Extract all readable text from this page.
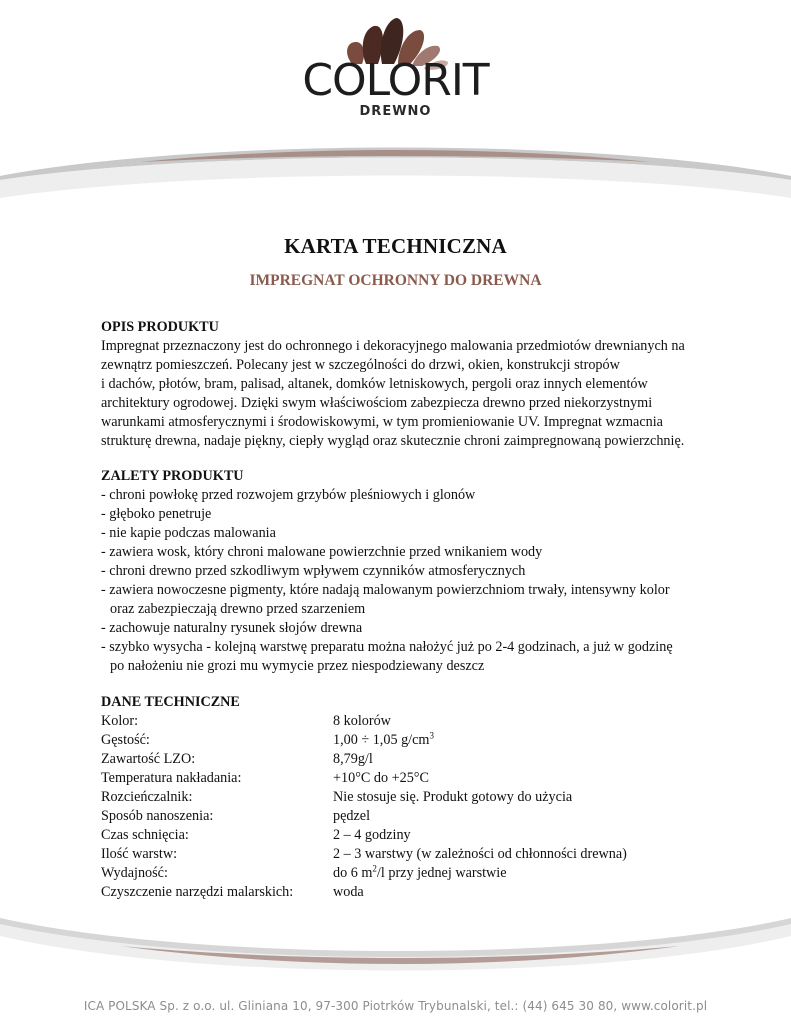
COLORIT
DREWNO
KARTA TECHNICZNA
IMPREGNAT OCHRONNY DO DREWNA
OPIS PRODUKTU

Impregnat przeznaczony jest do ochronnego i dekoracyjnego malowania przedmiotów drewnianych na

zewnątrz pomieszczeń. Polecany jest w szczególności do drzwi, okien, konstrukcji stropów

i dachów, płotów, bram, palisad, altanek, domków letniskowych, pergoli oraz innych elementów

architektury ogrodowej. Dzięki swym właściwościom zabezpiecza drewno przed niekorzystnymi

warunkami atmosferycznymi i środowiskowymi, w tym promieniowanie UV. Impregnat wzmacnia

strukturę drewna, nadaje piękny, ciepły wygląd oraz skutecznie chroni zaimpregnowaną powierzchnię.

ZALETY PRODUKTU
- chroni powłokę przed rozwojem grzybów pleśniowych i glonów
- głęboko penetruje
- nie kapie podczas malowania
- zawiera wosk, który chroni malowane powierzchnie przed wnikaniem wody
- chroni drewno przed szkodliwym wpływem czynników atmosferycznych
- zawiera nowoczesne pigmenty, które nadają malowanym powierzchniom trwały, intensywny kolor
oraz zabezpieczają drewno przed szarzeniem
- zachowuje naturalny rysunek słojów drewna
- szybko wysycha - kolejną warstwę preparatu można nałożyć już po 2-4 godzinach, a już w godzinę
po nałożeniu nie grozi mu wymycie przez niespodziewany deszcz
DANE TECHNICZNE
Kolor:	8 kolorów
Gęstość:	1,00 ÷ 1,05 $g/cm^3$
Zawartość LZO:	8,79g/l
Temperatura nakładania:	+10°C do +25°C
Rozcieńczalnik:	Nie stosuje się. Produkt gotowy do użycia
Sposób nanoszenia:	pędzel
Czas schnięcia:	2 – 4 godziny
Ilość warstw:	2 – 3 warstwy (w zależności od chłonności drewna)
Wydajność:	do 6 $m^2/l$ przy jednej warstwie
Czyszczenie narzędzi malarskich:	woda
ICA POLSKA Sp. z o.o. ul. Gliniana 10, 97-300 Piotrków Trybunalski, tel.: (44) 645 30 80, www.colorit.pl
